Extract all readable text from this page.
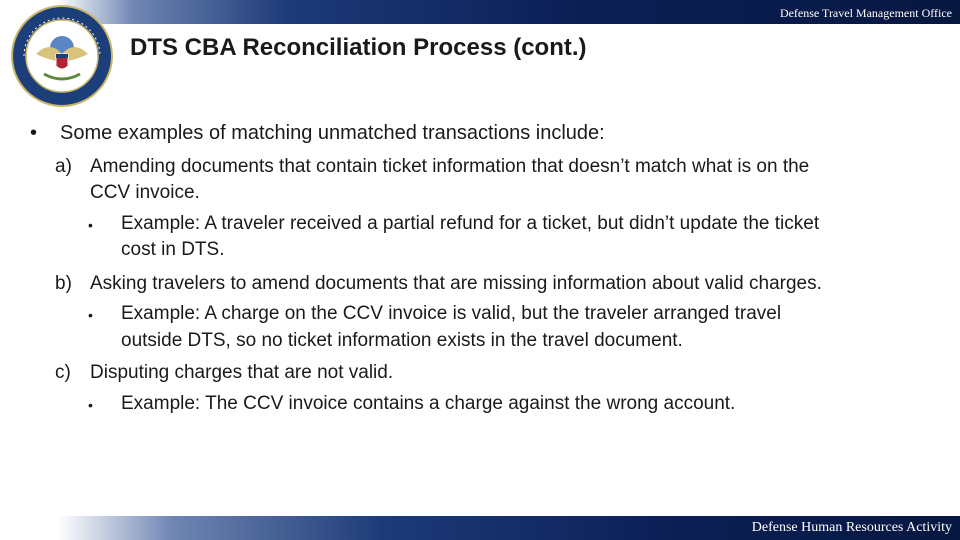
Defense Travel Management Office
DTS CBA Reconciliation Process (cont.)
• Some examples of matching unmatched transactions include:
a) Amending documents that contain ticket information that doesn’t match what is on the
CCV invoice.
• Example: A traveler received a partial refund for a ticket, but didn’t update the ticket
cost in DTS.
b) Asking travelers to amend documents that are missing information about valid charges.
• Example: A charge on the CCV invoice is valid, but the traveler arranged travel
outside DTS, so no ticket information exists in the travel document.
c) Disputing charges that are not valid.
• Example: The CCV invoice contains a charge against the wrong account.
Defense Human Resources Activity
